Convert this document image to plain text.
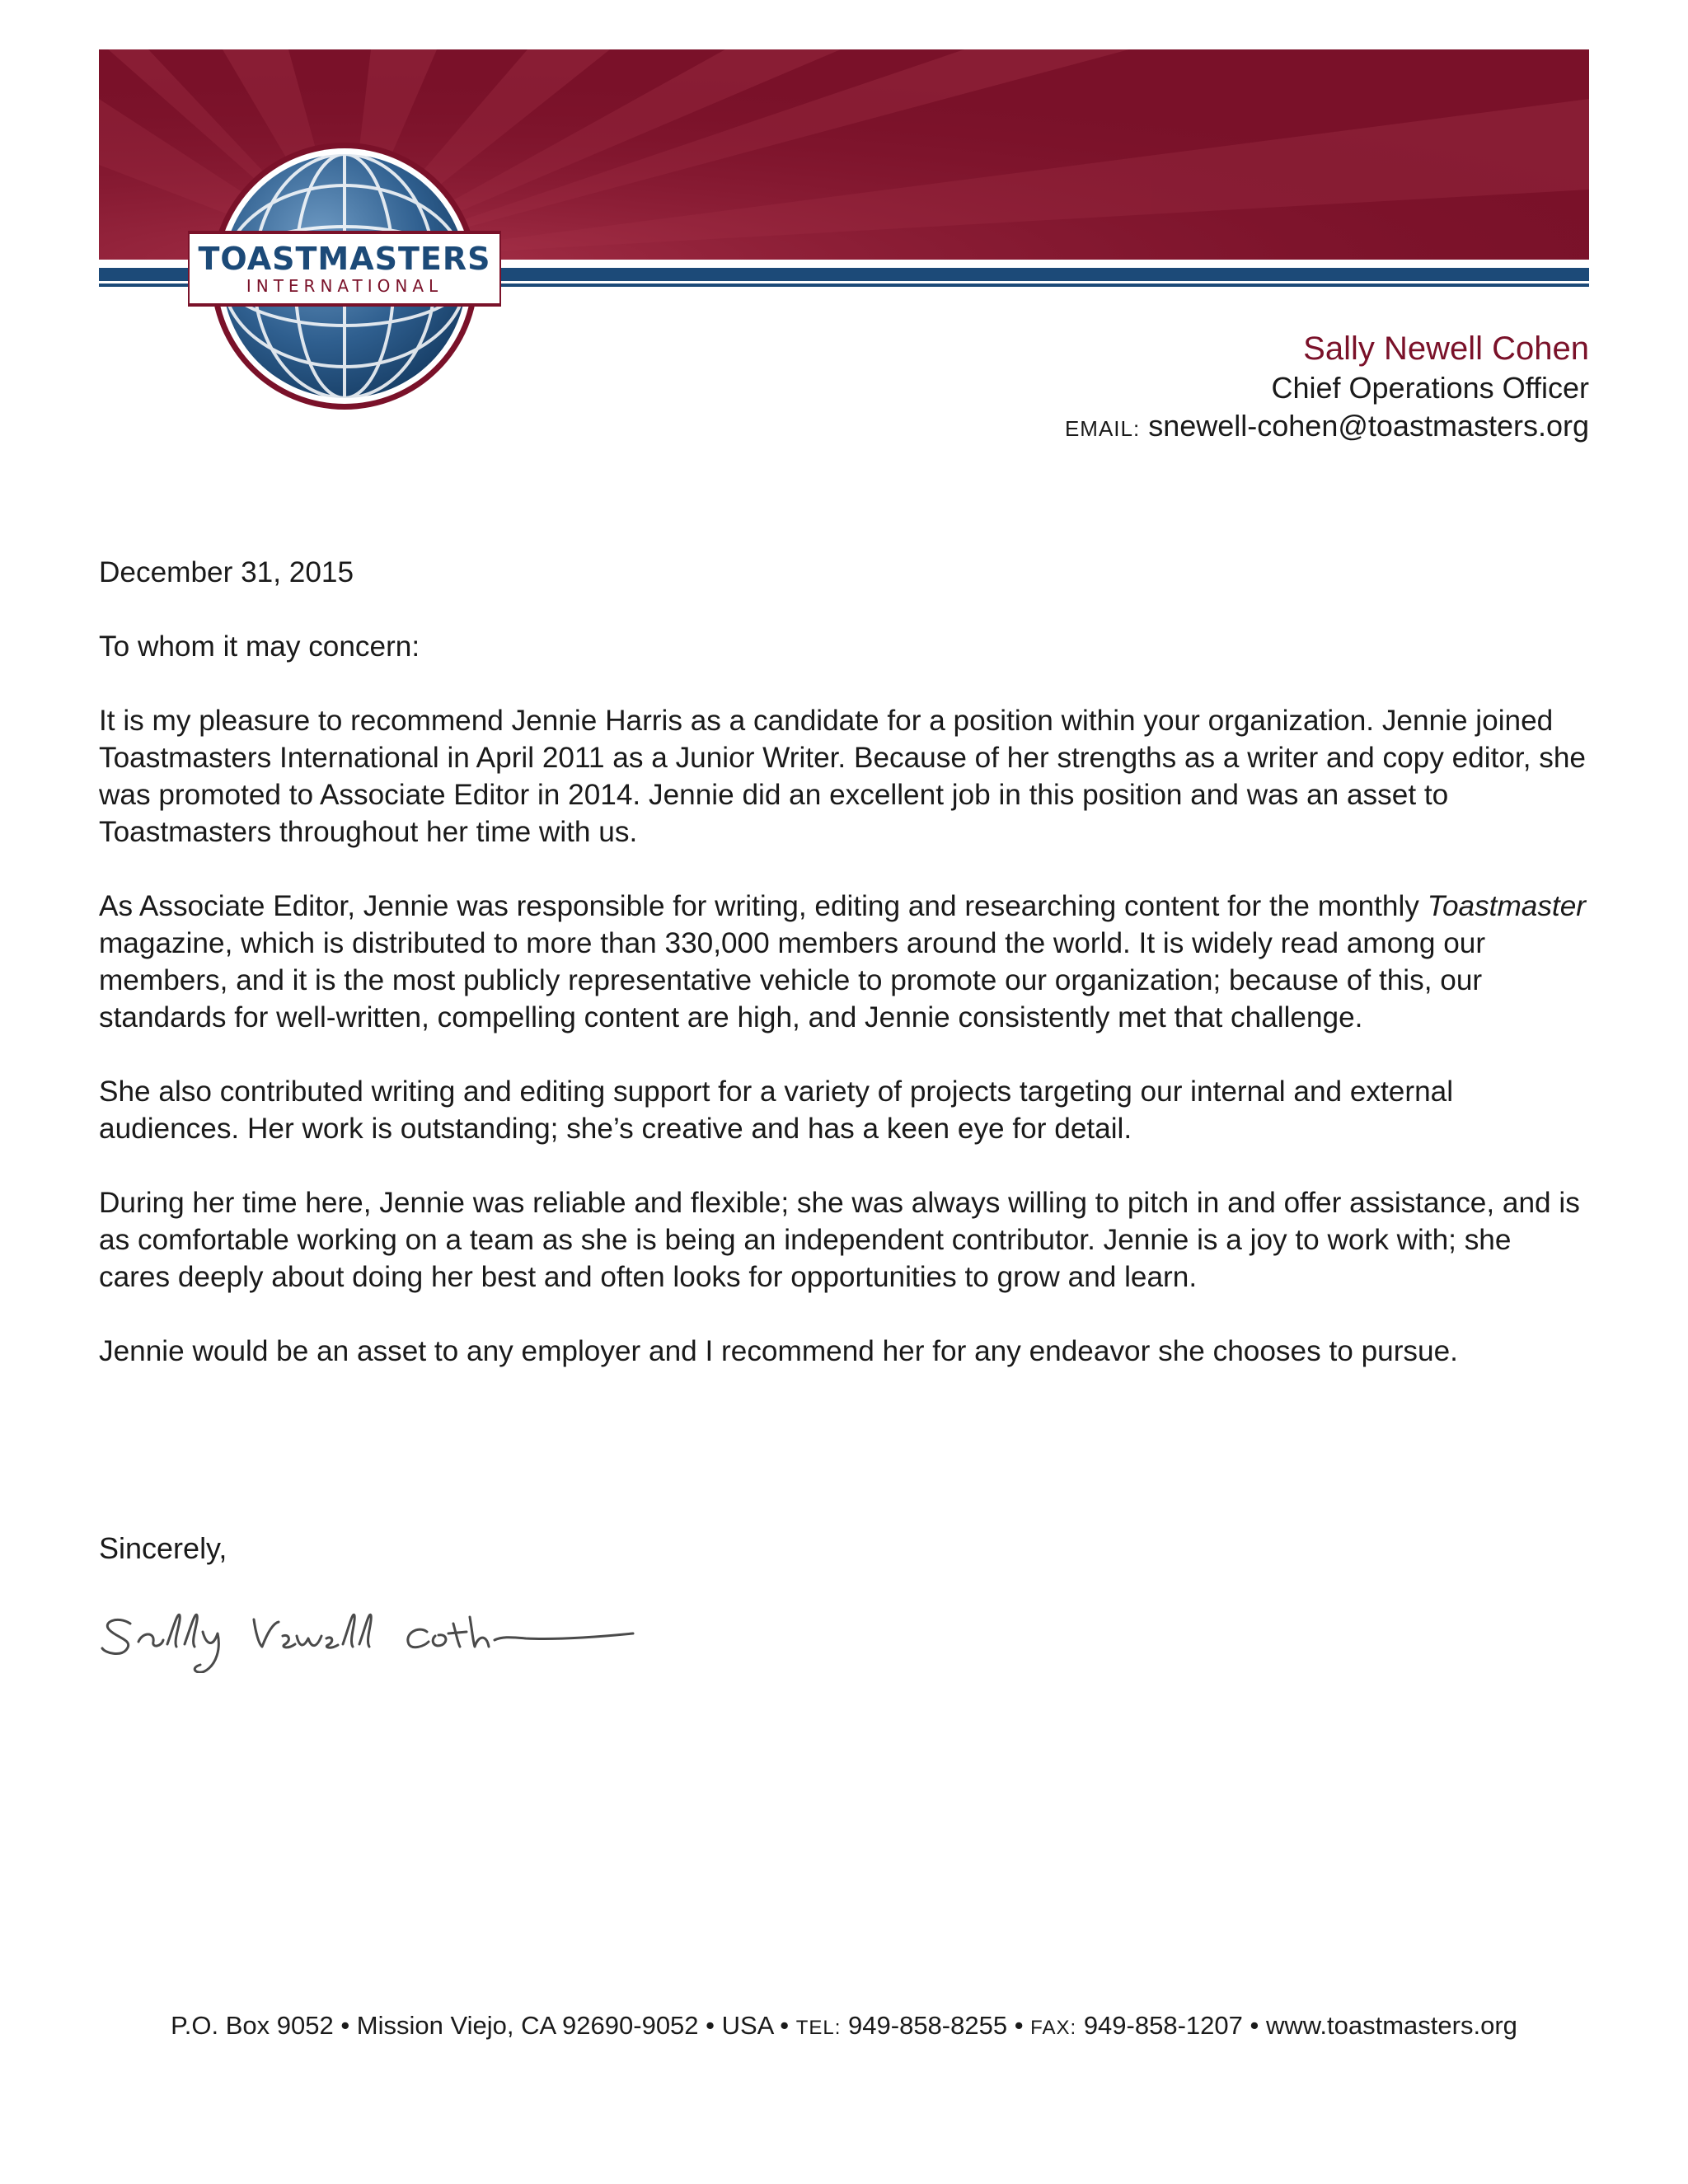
TOASTMASTERS
INTERNATIONAL
Sally Newell Cohen
Chief Operations Officer
EMAIL: snewell-cohen@toastmasters.org

December 31, 2015

To whom it may concern:

It is my pleasure to recommend Jennie Harris as a candidate for a position within your organization. Jennie joined Toastmasters International in April 2011 as a Junior Writer. Because of her strengths as a writer and copy editor, she was promoted to Associate Editor in 2014. Jennie did an excellent job in this position and was an asset to Toastmasters throughout her time with us.

As Associate Editor, Jennie was responsible for writing, editing and researching content for the monthly Toastmaster magazine, which is distributed to more than 330,000 members around the world. It is widely read among our members, and it is the most publicly representative vehicle to promote our organization; because of this, our standards for well-written, compelling content are high, and Jennie consistently met that challenge.

She also contributed writing and editing support for a variety of projects targeting our internal and external audiences. Her work is outstanding; she’s creative and has a keen eye for detail.

During her time here, Jennie was reliable and flexible; she was always willing to pitch in and offer assistance, and is as comfortable working on a team as she is being an independent contributor. Jennie is a joy to work with; she cares deeply about doing her best and often looks for opportunities to grow and learn.

Jennie would be an asset to any employer and I recommend her for any endeavor she chooses to pursue.

Sincerely,
P.O. Box 9052 • Mission Viejo, CA 92690-9052 • USA • TEL: 949-858-8255 • FAX: 949-858-1207 • www.toastmasters.org
